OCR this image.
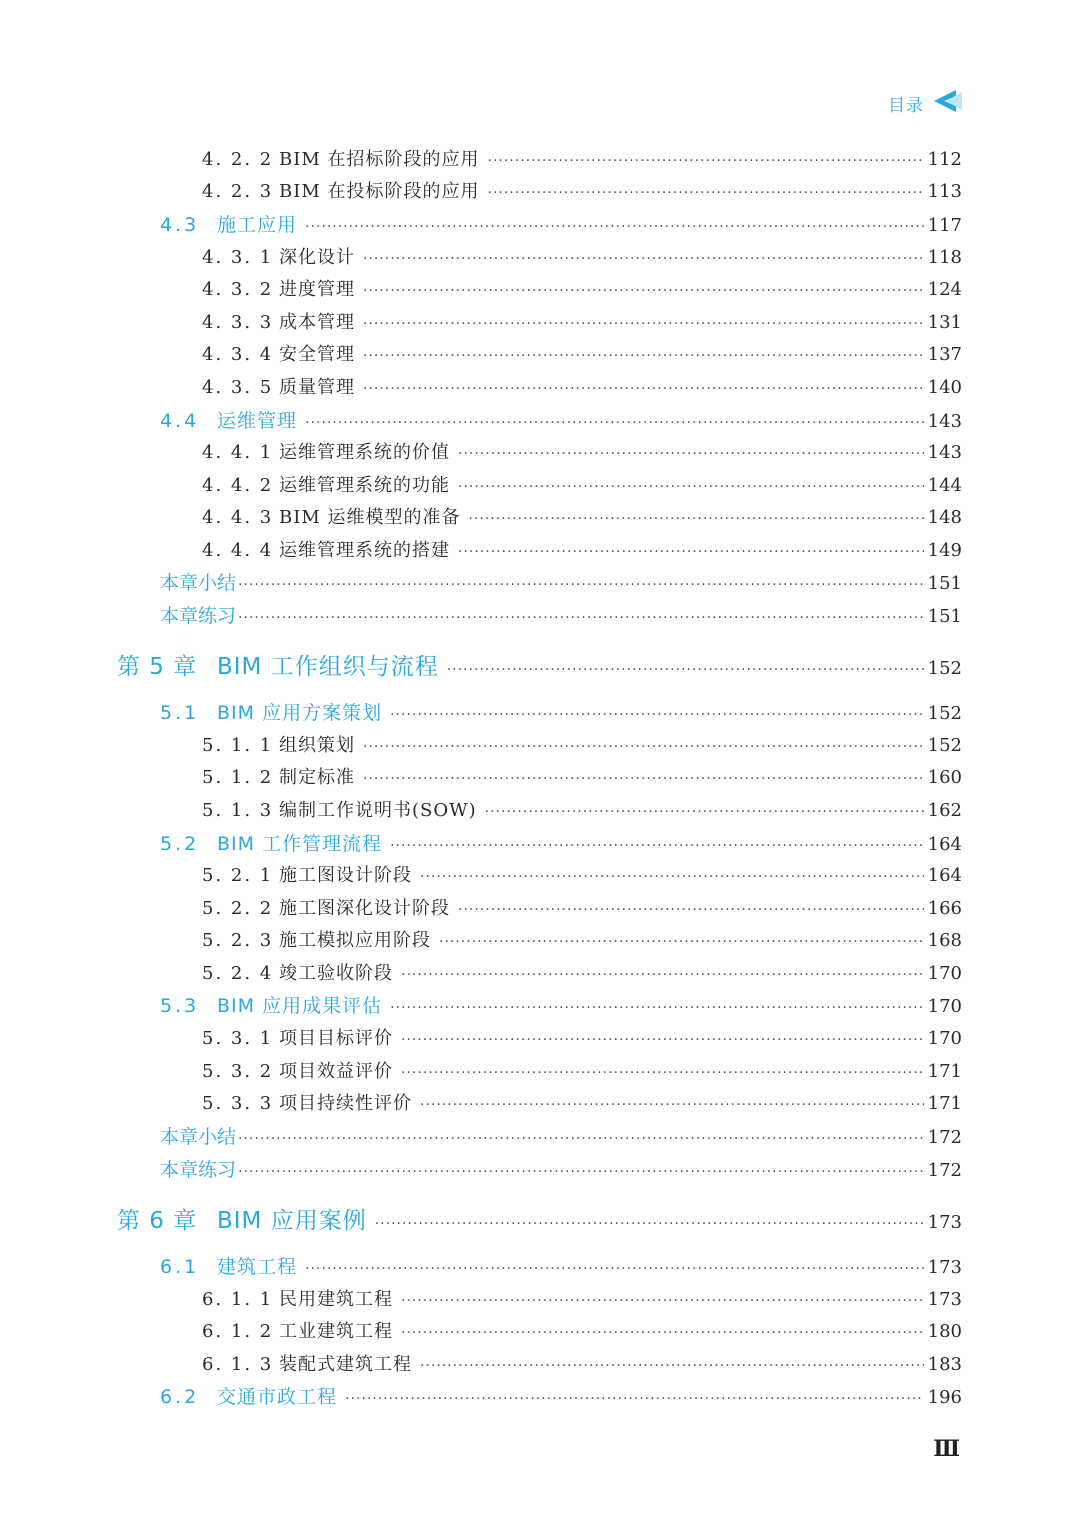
目录
4. 2. 2 BIM 在招标阶段的应用 ·····	112
4. 2. 3 BIM 在投标阶段的应用 ·····	113
4.3 施工应用 ·····	117
4. 3. 1 深化设计 ·····	118
4. 3. 2 进度管理 ·····	124
4. 3. 3 成本管理 ·····	131
4. 3. 4 安全管理 ·····	137
4. 3. 5 质量管理 ·····	140
4.4 运维管理 ·····	143
4. 4. 1 运维管理系统的价值 ·····	143
4. 4. 2 运维管理系统的功能 ·····	144
4. 4. 3 BIM 运维模型的准备 ·····	148
4. 4. 4 运维管理系统的搭建 ·····	149
本章小结 ·····	151
本章练习 ·····	151
第 5 章 BIM 工作组织与流程 ·····	152
5.1 BIM 应用方案策划 ·····	152
5. 1. 1 组织策划 ·····	152
5. 1. 2 制定标准 ·····	160
5. 1. 3 编制工作说明书(SOW) ·····	162
5.2 BIM 工作管理流程 ·····	164
5. 2. 1 施工图设计阶段 ·····	164
5. 2. 2 施工图深化设计阶段 ·····	166
5. 2. 3 施工模拟应用阶段 ·····	168
5. 2. 4 竣工验收阶段 ·····	170
5.3 BIM 应用成果评估 ·····	170
5. 3. 1 项目目标评价 ·····	170
5. 3. 2 项目效益评价 ·····	171
5. 3. 3 项目持续性评价 ·····	171
本章小结 ·····	172
本章练习 ·····	172
第 6 章 BIM 应用案例 ·····	173
6.1 建筑工程 ·····	173
6. 1. 1 民用建筑工程 ·····	173
6. 1. 2 工业建筑工程 ·····	180
6. 1. 3 装配式建筑工程 ·····	183
6.2 交通市政工程 ·····	196
Ⅲ
